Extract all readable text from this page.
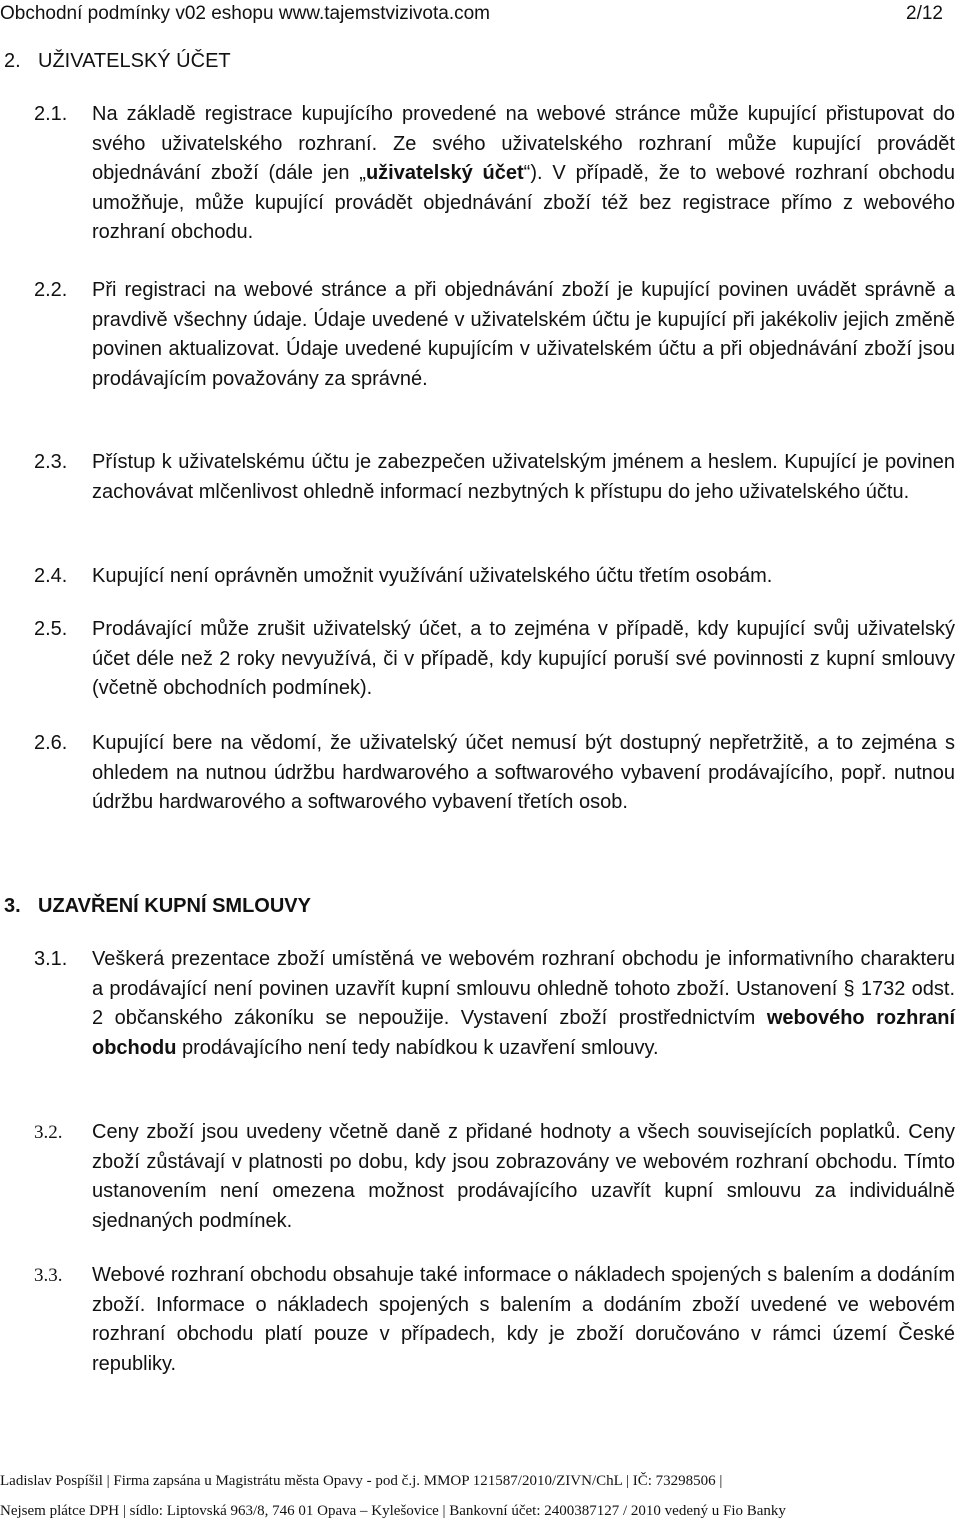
Obchodní podmínky v02 eshopu www.tajemstvizivota.com	2/12
2. UŽIVATELSKÝ ÚČET
2.1.	Na základě registrace kupujícího provedené na webové stránce může kupující přistupovat do svého uživatelského rozhraní. Ze svého uživatelského rozhraní může kupující provádět objednávání zboží (dále jen „uživatelský účet“). V případě, že to webové rozhraní obchodu umožňuje, může kupující provádět objednávání zboží též bez registrace přímo z webového rozhraní obchodu.
2.2.	Při registraci na webové stránce a při objednávání zboží je kupující povinen uvádět správně a pravdivě všechny údaje. Údaje uvedené v uživatelském účtu je kupující při jakékoliv jejich změně povinen aktualizovat. Údaje uvedené kupujícím v uživatelském účtu a při objednávání zboží jsou prodávajícím považovány za správné.
2.3.	Přístup k uživatelskému účtu je zabezpečen uživatelským jménem a heslem. Kupující je povinen zachovávat mlčenlivost ohledně informací nezbytných k přístupu do jeho uživatelského účtu.
2.4.	Kupující není oprávněn umožnit využívání uživatelského účtu třetím osobám.
2.5.	Prodávající může zrušit uživatelský účet, a to zejména v případě, kdy kupující svůj uživatelský účet déle než 2 roky nevyužívá, či v případě, kdy kupující poruší své povinnosti z kupní smlouvy (včetně obchodních podmínek).
2.6.	Kupující bere na vědomí, že uživatelský účet nemusí být dostupný nepřetržitě, a to zejména s ohledem na nutnou údržbu hardwarového a softwarového vybavení prodávajícího, popř. nutnou údržbu hardwarového a softwarového vybavení třetích osob.
3. UZAVŘENÍ KUPNÍ SMLOUVY
3.1.	Veškerá prezentace zboží umístěná ve webovém rozhraní obchodu je informativního charakteru a prodávající není povinen uzavřít kupní smlouvu ohledně tohoto zboží. Ustanovení § 1732 odst. 2 občanského zákoníku se nepoužije. Vystavení zboží prostřednictvím webového rozhraní obchodu prodávajícího není tedy nabídkou k uzavření smlouvy.
3.2.	Ceny zboží jsou uvedeny včetně daně z přidané hodnoty a všech souvisejících poplatků. Ceny zboží zůstávají v platnosti po dobu, kdy jsou zobrazovány ve webovém rozhraní obchodu. Tímto ustanovením není omezena možnost prodávajícího uzavřít kupní smlouvu za individuálně sjednaných podmínek.
3.3.	Webové rozhraní obchodu obsahuje také informace o nákladech spojených s balením a dodáním zboží. Informace o nákladech spojených s balením a dodáním zboží uvedené ve webovém rozhraní obchodu platí pouze v případech, kdy je zboží doručováno v rámci území České republiky.
Ladislav Pospíšil | Firma zapsána u Magistrátu města Opavy - pod č.j. MMOP 121587/2010/ZIVN/ChL | IČ: 73298506 |
Nejsem plátce DPH | sídlo: Liptovská 963/8, 746 01 Opava – Kylešovice | Bankovní účet: 2400387127 / 2010 vedený u Fio Banky
